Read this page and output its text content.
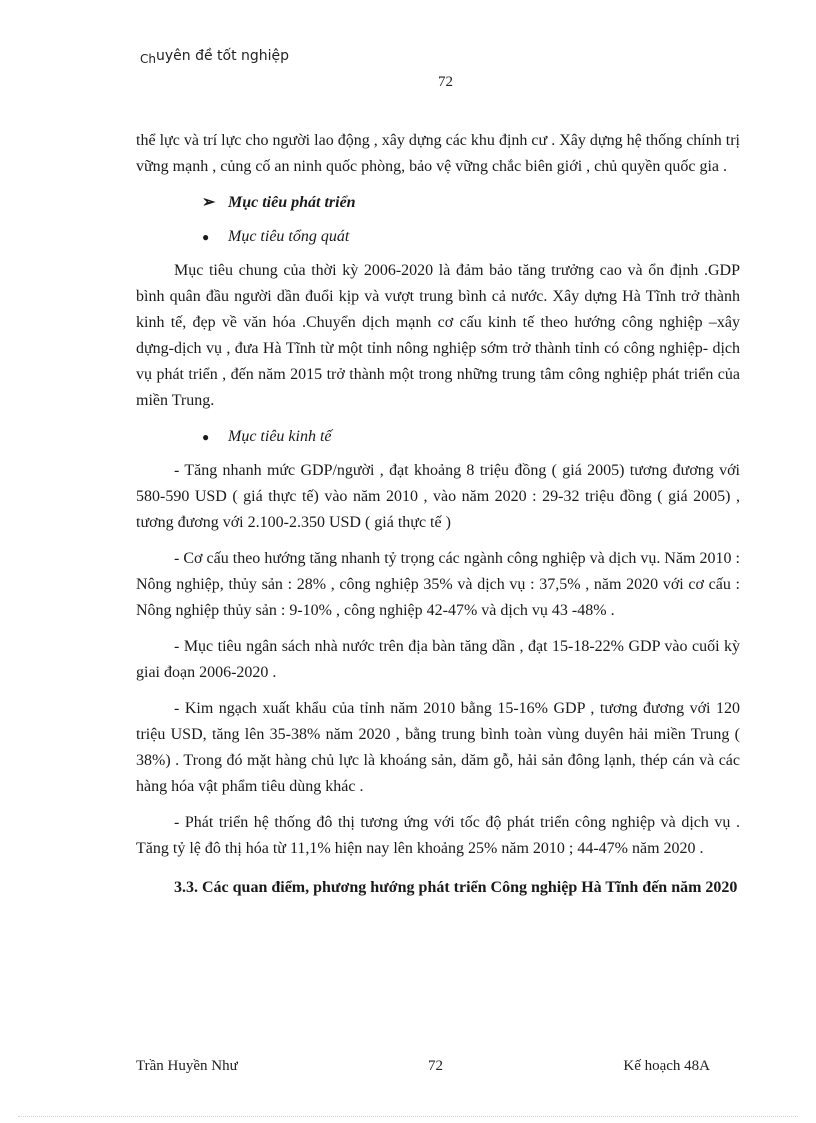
Chuyên đề tốt nghiệp
72

thể lực và trí lực cho người lao động , xây dựng các khu định cư . Xây dựng hệ thống chính trị vững mạnh , củng cố an ninh quốc phòng, bảo vệ vững chắc biên giới , chủ quyền quốc gia .

➢ Mục tiêu phát triển
●	Mục tiêu tổng quát

Mục tiêu chung của thời kỳ 2006-2020 là đảm bảo tăng trưởng cao và ổn định .GDP bình quân đầu người dần đuổi kịp và vượt trung bình cả nước. Xây dựng Hà Tĩnh trở thành kinh tế, đẹp về văn hóa .Chuyển dịch mạnh cơ cấu kinh tế theo hướng công nghiệp –xây dựng-dịch vụ , đưa Hà Tĩnh từ một tỉnh nông nghiệp sớm trở thành tỉnh có công nghiệp- dịch vụ phát triển , đến năm 2015 trở thành một trong những trung tâm công nghiệp phát triển của miền Trung.

●	Mục tiêu kinh tế

- Tăng nhanh mức GDP/người , đạt khoảng 8 triệu đồng ( giá 2005) tương đương với 580-590 USD ( giá thực tế) vào năm 2010 , vào năm 2020 : 29-32 triệu đồng ( giá 2005) , tương đương với 2.100-2.350 USD ( giá thực tế )

- Cơ cấu theo hướng tăng nhanh tỷ trọng các ngành công nghiệp và dịch vụ. Năm 2010 : Nông nghiệp, thủy sản : 28% , công nghiệp 35% và dịch vụ : 37,5% , năm 2020 với cơ cấu : Nông nghiệp thủy sản : 9-10% , công nghiệp 42-47% và dịch vụ 43 -48% .

- Mục tiêu ngân sách nhà nước trên địa bàn tăng dần , đạt 15-18-22% GDP vào cuối kỳ giai đoạn 2006-2020 .

- Kim ngạch xuất khẩu của tỉnh năm 2010 bằng 15-16% GDP , tương đương với 120 triệu USD, tăng lên 35-38% năm 2020 , bằng trung bình toàn vùng duyên hải miền Trung ( 38%) . Trong đó mặt hàng chủ lực là khoáng sản, dăm gỗ, hải sản đông lạnh, thép cán và các hàng hóa vật phẩm tiêu dùng khác .

- Phát triển hệ thống đô thị tương ứng với tốc độ phát triển công nghiệp và dịch vụ . Tăng tỷ lệ đô thị hóa từ 11,1% hiện nay lên khoảng 25% năm 2010 ; 44-47% năm 2020 .

3.3. Các quan điểm, phương hướng phát triển Công nghiệp Hà Tĩnh đến năm 2020
Trần Huyền Như	72	Kế hoạch 48A
